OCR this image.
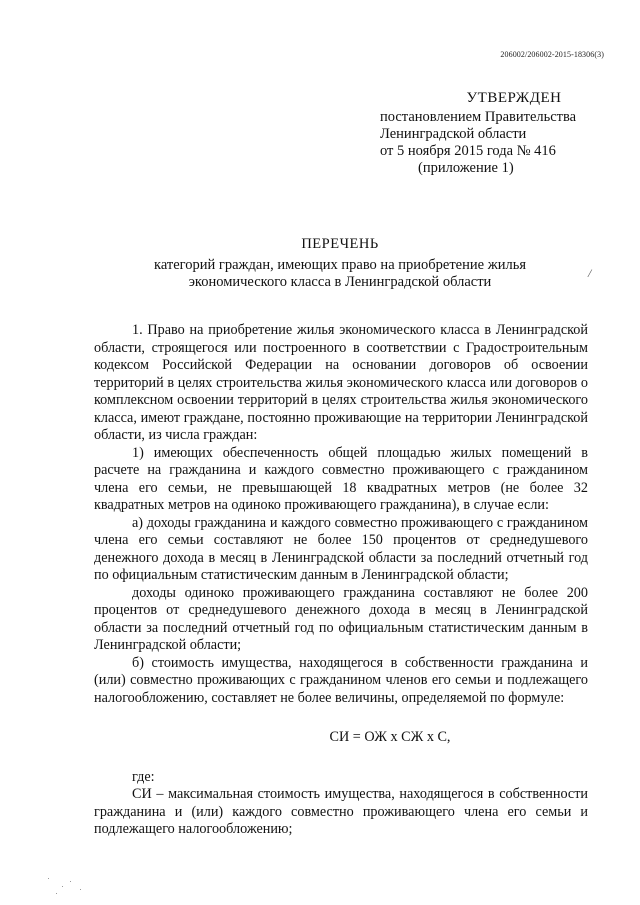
206002/206002-2015-18306(3)
УТВЕРЖДЕН
постановлением Правительства
Ленинградской области
от 5 ноября 2015 года № 416
(приложение 1)
/
ПЕРЕЧЕНЬ
категорий граждан, имеющих право на приобретение жилья
экономического класса в Ленинградской области

1. Право на приобретение жилья экономического класса в Ленинградской области, строящегося или построенного в соответствии с Градостроительным кодексом Российской Федерации на основании договоров об освоении территорий в целях строительства жилья экономического класса или договоров о комплексном освоении территорий в целях строительства жилья экономического класса, имеют граждане, постоянно проживающие на территории Ленинградской области, из числа граждан:

1) имеющих обеспеченность общей площадью жилых помещений в расчете на гражданина и каждого совместно проживающего с гражданином члена его семьи, не превышающей 18 квадратных метров (не более 32 квадратных метров на одиноко проживающего гражданина), в случае если:

а) доходы гражданина и каждого совместно проживающего с гражданином члена его семьи составляют не более 150 процентов от среднедушевого денежного дохода в месяц в Ленинградской области за последний отчетный год по официальным статистическим данным в Ленинградской области;

доходы одиноко проживающего гражданина составляют не более 200 процентов от среднедушевого денежного дохода в месяц в Ленинградской области за последний отчетный год по официальным статистическим данным в Ленинградской области;

б) стоимость имущества, находящегося в собственности гражданина и (или) совместно проживающих с гражданином членов его семьи и подлежащего налогообложению, составляет не более величины, определяемой по формуле:

СИ = ОЖ х СЖ х С,

где:

СИ – максимальная стоимость имущества, находящегося в собственности гражданина и (или) каждого совместно проживающего члена его семьи и подлежащего налогообложению;
